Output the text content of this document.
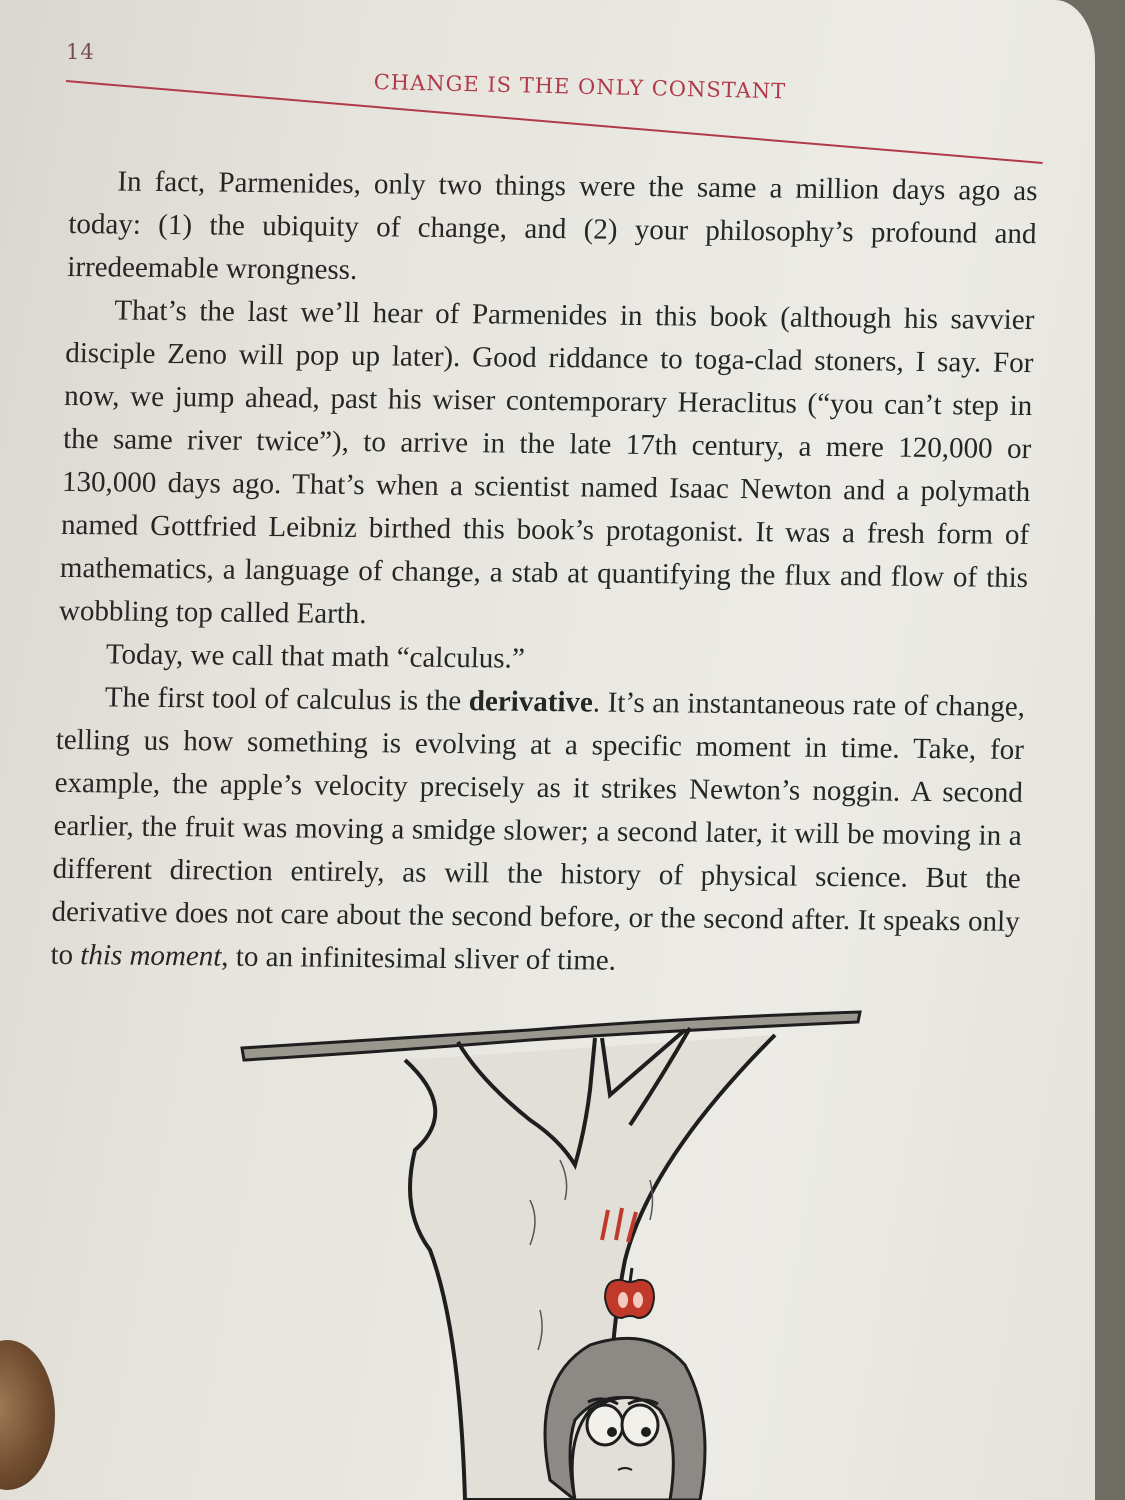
14
CHANGE IS THE ONLY CONSTANT

In fact, Parmenides, only two things were the same a million days ago as today: (1) the ubiquity of change, and (2) your philosophy’s profound and irredeemable wrongness.

That’s the last we’ll hear of Parmenides in this book (although his savvier disciple Zeno will pop up later). Good riddance to toga-clad stoners, I say. For now, we jump ahead, past his wiser contemporary Heraclitus (“you can’t step in the same river twice”), to arrive in the late 17th century, a mere 120,000 or 130,000 days ago. That’s when a scientist named Isaac Newton and a polymath named Gottfried Leibniz birthed this book’s protagonist. It was a fresh form of mathematics, a language of change, a stab at quantifying the flux and flow of this wobbling top called Earth.

Today, we call that math “calculus.”

The first tool of calculus is the derivative. It’s an instantaneous rate of change, telling us how something is evolving at a specific moment in time. Take, for example, the apple’s velocity precisely as it strikes Newton’s noggin. A second earlier, the fruit was moving a smidge slower; a second later, it will be moving in a different direction entirely, as will the history of physical science. But the derivative does not care about the second before, or the second after. It speaks only to this moment, to an infinitesimal sliver of time.
